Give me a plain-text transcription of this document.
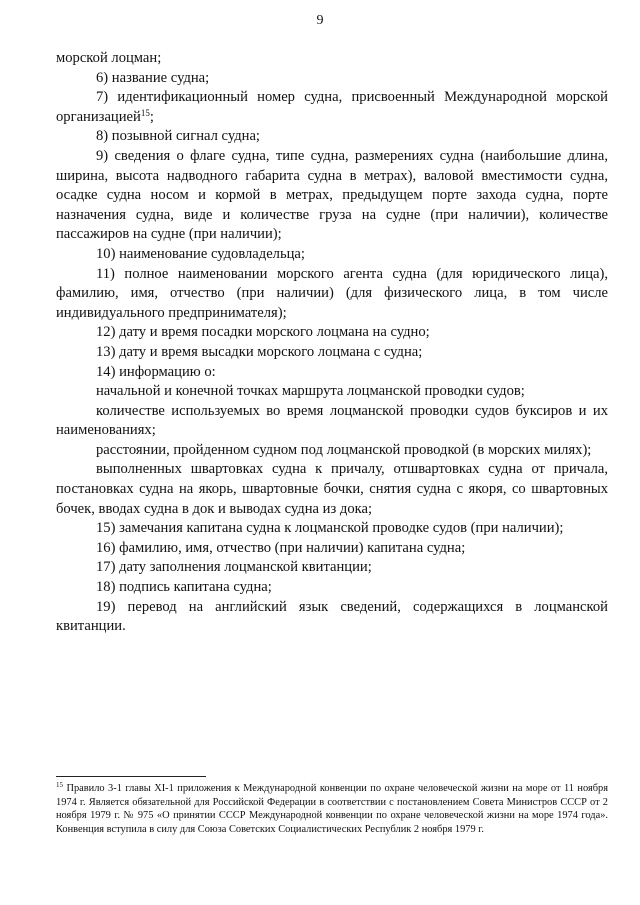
9

морской лоцман;

6) название судна;

7) идентификационный номер судна, присвоенный Международной морской

организацией$^{15}$;

8) позывной сигнал судна;

9) сведения о флаге судна, типе судна, размерениях судна (наибольшие длина, ширина, высота надводного габарита судна в метрах), валовой вместимости судна, осадке судна носом и кормой в метрах, предыдущем порте захода судна, порте назначения судна, виде и количестве груза на судне (при наличии), количестве пассажиров на судне (при наличии);

10) наименование судовладельца;

11) полное наименовании морского агента судна (для юридического лица), фамилию, имя, отчество (при наличии) (для физического лица, в том числе индивидуального предпринимателя);

12) дату и время посадки морского лоцмана на судно;

13) дату и время высадки морского лоцмана с судна;

14) информацию о:

начальной и конечной точках маршрута лоцманской проводки судов;

количестве используемых во время лоцманской проводки судов буксиров и их наименованиях;

расстоянии, пройденном судном под лоцманской проводкой (в морских милях);

выполненных швартовках судна к причалу, отшвартовках судна от причала, постановках судна на якорь, швартовные бочки, снятия судна с якоря, со швартовных бочек, вводах судна в док и выводах судна из дока;

15) замечания капитана судна к лоцманской проводке судов (при наличии);

16) фамилию, имя, отчество (при наличии) капитана судна;

17) дату заполнения лоцманской квитанции;

18) подпись капитана судна;

19) перевод на английский язык сведений, содержащихся в лоцманской квитанции.

$^{15}$ Правило 3-1 главы XI-1 приложения к Международной конвенции по охране человеческой жизни на море от 11 ноября 1974 г. Является обязательной для Российской Федерации в соответствии с постановлением Совета Министров СССР от 2 ноября 1979 г. № 975 «О принятии СССР Международной конвенции по охране человеческой жизни на море 1974 года». Конвенция вступила в силу для Союза Советских Социалистических Республик 2 ноября 1979 г.
